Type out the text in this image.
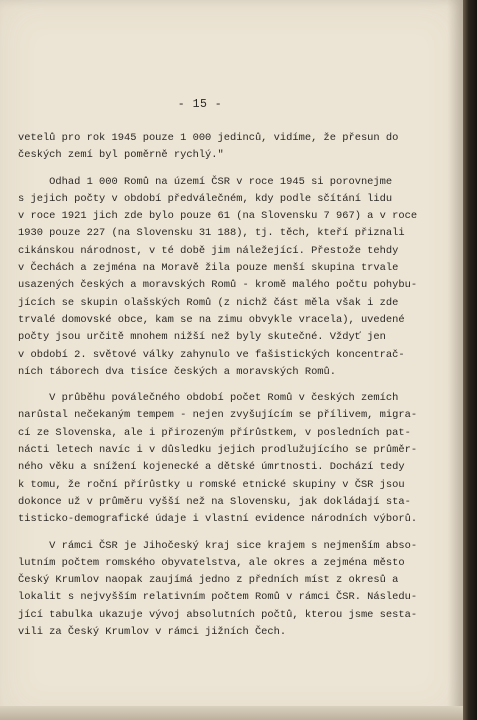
- 15 -
vetelů pro rok 1945 pouze 1 000 jedinců, vidíme, že přesun do
českých zemí byl poměrně rychlý."
Odhad 1 000 Romů na území ČSR v roce 1945 si porovnejme
s jejich počty v období předválečném, kdy podle sčítání lidu
v roce 1921 jich zde bylo pouze 61 (na Slovensku 7 967) a v roce
1930 pouze 227 (na Slovensku 31 188), tj. těch, kteří přiznali
cikánskou národnost, v té době jim náležející. Přestože tehdy
v Čechách a zejména na Moravě žila pouze menší skupina trvale
usazených českých a moravských Romů - kromě malého počtu pohybu-
jících se skupin olašských Romů (z nichž část měla však i zde
trvalé domovské obce, kam se na zimu obvykle vracela), uvedené
počty jsou určitě mnohem nižší než byly skutečné. Vždyť jen
v období 2. světové války zahynulo ve fašistických koncentrač-
ních táborech dva tisíce českých a moravských Romů.
V průběhu poválečného období počet Romů v českých zemích
narůstal nečekaným tempem - nejen zvyšujícím se přílivem, migra-
cí ze Slovenska, ale i přirozeným přírůstkem, v posledních pat-
nácti letech navíc i v důsledku jejich prodlužujícího se průměr-
ného věku a snížení kojenecké a dětské úmrtnosti. Dochází tedy
k tomu, že roční přírůstky u romské etnické skupiny v ČSR jsou
dokonce už v průměru vyšší než na Slovensku, jak dokládají sta-
tisticko-demografické údaje i vlastní evidence národních výborů.
V rámci ČSR je Jihočeský kraj sice krajem s nejmenším abso-
lutním počtem romského obyvatelstva, ale okres a zejména město
Český Krumlov naopak zaujímá jedno z předních míst z okresů a
lokalit s nejvyšším relativním počtem Romů v rámci ČSR. Následu-
jící tabulka ukazuje vývoj absolutních počtů, kterou jsme sesta-
vili za Český Krumlov v rámci jižních Čech.
